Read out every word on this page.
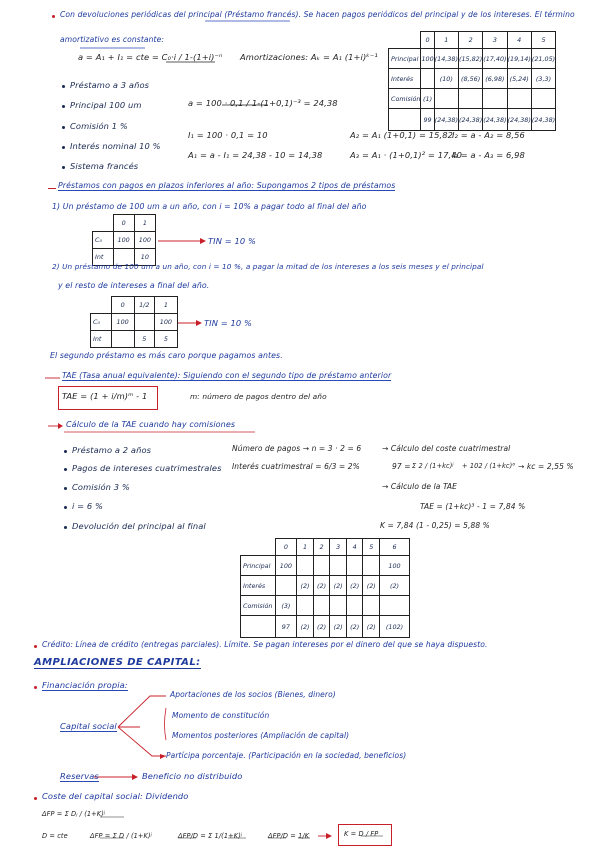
Con devoluciones periódicas del principal (Préstamo francés). Se hacen pagos periódicos del principal y de los intereses. El término
amortizativo es constante:
a = A₁ + I₁ = cte = C₀·i / 1-(1+i)⁻ⁿ Amortizaciones: Aₖ = A₁ (1+i)ᵏ⁻¹
Préstamo a 3 años
Principal 100 um
Comisión 1 %
Interés nominal 10 %
Sistema francés
a = 100 · 0,1 / 1-(1+0,1)⁻³ = 24,38
I₁ = 100 · 0,1 = 10
A₁ = a - I₁ = 24,38 - 10 = 14,38
A₂ = A₁ (1+0,1) = 15,82
A₃ = A₁ · (1+0,1)² = 17,40
I₂ = a - A₂ = 8,56
I₃ = a - A₃ = 6,98
	0	1	2	3	4	5
Principal	100	(14,38)	(15,82)	(17,40)	(19,14)	(21,05)
Interés		(10)	(8,56)	(6,98)	(5,24)	(3,3)
Comisión	(1)					
	99	(24,38)	(24,38)	(24,38)	(24,38)	(24,38)
Préstamos con pagos en plazos inferiores al año: Supongamos 2 tipos de préstamos
1) Un préstamo de 100 um a un año, con i = 10% a pagar todo al final del año
	0	1
C₀	100	100
Int		10
TIN = 10 %
2) Un préstamo de 100 um a un año, con i = 10 %, a pagar la mitad de los intereses a los seis meses y el principal
y el resto de intereses a final del año.
	0	1/2	1
C₀	100		100
Int		5	5
TIN = 10 %
El segundo préstamo es más caro porque pagamos antes.
TAE (Tasa anual equivalente): Siguiendo con el segundo tipo de préstamo anterior
TAE = (1 + i/m)ᵐ - 1	m: número de pagos dentro del año
Cálculo de la TAE cuando hay comisiones
Préstamo a 2 años
Pagos de intereses cuatrimestrales
Comisión 3 %
i = 6 %
Devolución del principal al final
Número de pagos → n = 3 · 2 = 6
Interés cuatrimestral = 6/3 = 2%
→ Cálculo del coste cuatrimestral
97 = Σ 2 / (1+kc)ʲ + 102 / (1+kc)⁶ → kc = 2,55 %
→ Cálculo de la TAE
TAE = (1+kc)³ - 1 = 7,84 %
K = 7,84 (1 - 0,25) = 5,88 %
	0	1	2	3	4	5	6
Principal	100						100
Interés		(2)	(2)	(2)	(2)	(2)	(2)
Comisión	(3)						
	97	(2)	(2)	(2)	(2)	(2)	(102)
Crédito: Línea de crédito (entregas parciales). Límite. Se pagan intereses por el dinero del que se haya dispuesto.
AMPLIACIONES DE CAPITAL:
Financiación propia:
Capital social
Aportaciones de los socios (Bienes, dinero)
Momento de constitución
Momentos posteriores (Ampliación de capital)
Partícipa porcentaje. (Participación en la sociedad, beneficios)
Reservas	Beneficio no distribuido
Coste del capital social: Dividendo
ΔFP = Σ Dⱼ / (1+K)ʲ
D = cte	ΔFP = Σ D / (1+K)ʲ	ΔFP/D = Σ 1/(1+K)ʲ	ΔFP/D = 1/K	K = D / FP
